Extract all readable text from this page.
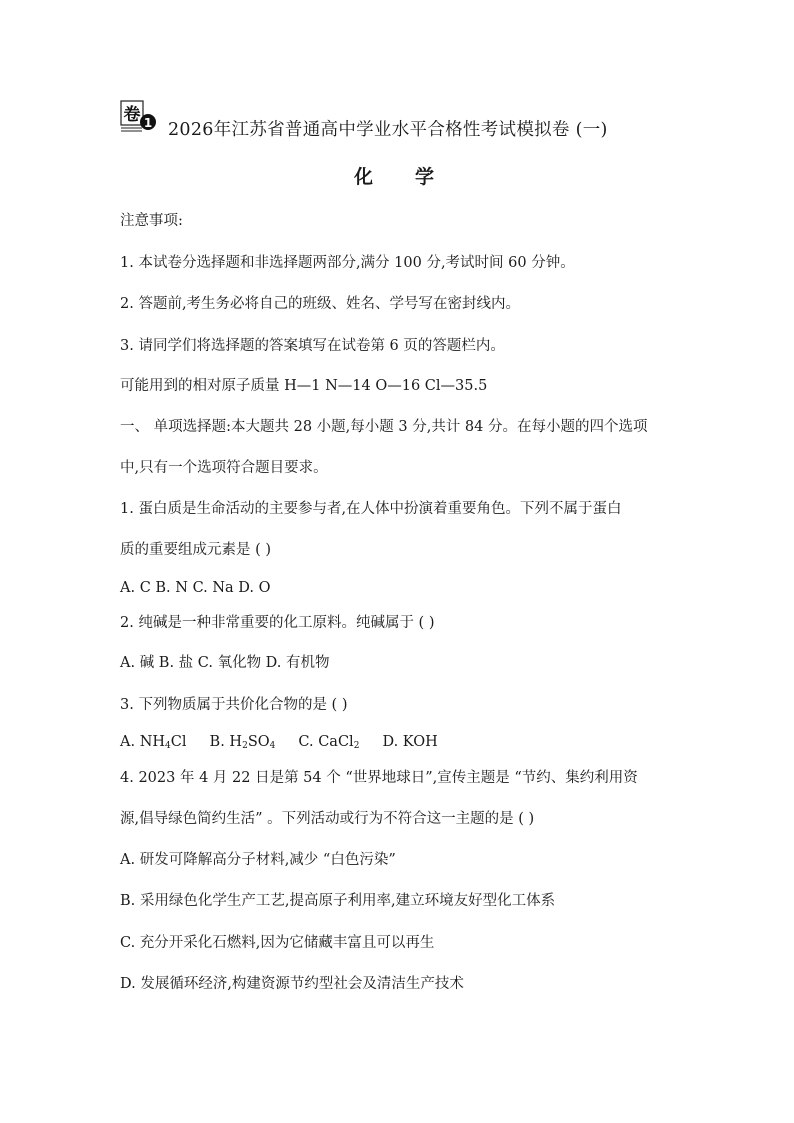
卷 1 2026年江苏省普通高中学业水平合格性考试模拟卷 (一)
化学
注意事项:
1. 本试卷分选择题和非选择题两部分,满分 100 分,考试时间 60 分钟。
2. 答题前,考生务必将自己的班级、姓名、学号写在密封线内。
3. 请同学们将选择题的答案填写在试卷第 6 页的答题栏内。
可能用到的相对原子质量 H—1 N—14 O—16 Cl—35.5
一、 单项选择题:本大题共 28 小题,每小题 3 分,共计 84 分。在每小题的四个选项
中,只有一个选项符合题目要求。
1. 蛋白质是生命活动的主要参与者,在人体中扮演着重要角色。下列不属于蛋白
质的重要组成元素是 ( )
A. C B. N C. Na D. O
2. 纯碱是一种非常重要的化工原料。纯碱属于 ( )
A. 碱 B. 盐 C. 氧化物 D. 有机物
3. 下列物质属于共价化合物的是 ( )
A. $NH_4Cl$ B. $H_2SO_4$ C. CaCl$_2$ D. KOH
4. 2023 年 4 月 22 日是第 54 个 “世界地球日”,宣传主题是 “节约、集约利用资
源,倡导绿色简约生活” 。下列活动或行为不符合这一主题的是 ( )
A. 研发可降解高分子材料,减少 “白色污染”
B. 采用绿色化学生产工艺,提高原子利用率,建立环境友好型化工体系
C. 充分开采化石燃料,因为它储藏丰富且可以再生
D. 发展循环经济,构建资源节约型社会及清洁生产技术
